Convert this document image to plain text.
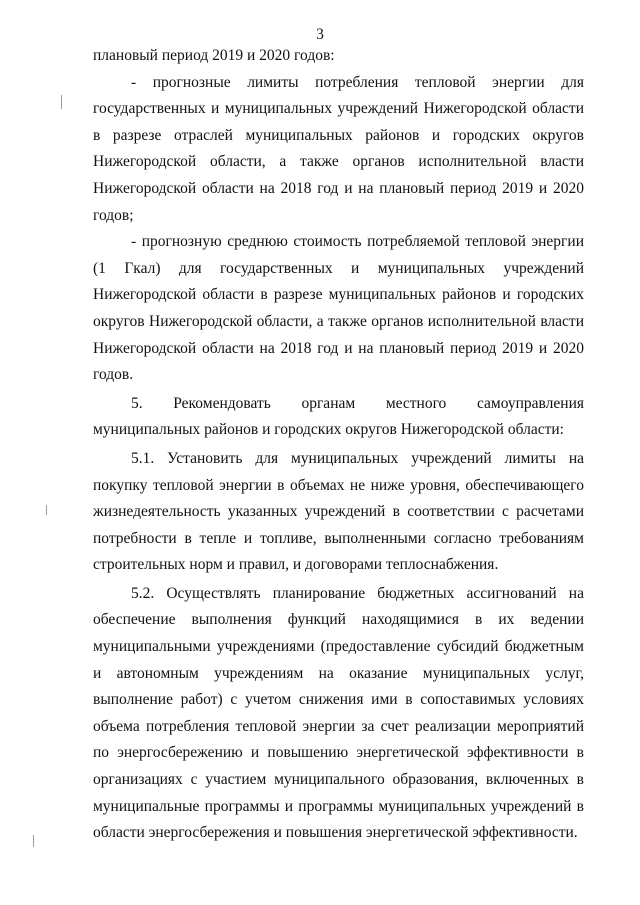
3

плановый период 2019 и 2020 годов:

- прогнозные лимиты потребления тепловой энергии для государственных и муниципальных учреждений Нижегородской области в разрезе отраслей муниципальных районов и городских округов Нижегородской области, а также органов исполнительной власти Нижегородской области на 2018 год и на плановый период 2019 и 2020 годов;

- прогнозную среднюю стоимость потребляемой тепловой энергии (1 Гкал) для государственных и муниципальных учреждений Нижегородской области в разрезе муниципальных районов и городских округов Нижегородской области, а также органов исполнительной власти Нижегородской области на 2018 год и на плановый период 2019 и 2020 годов.

5. Рекомендовать органам местного самоуправления муниципальных районов и городских округов Нижегородской области:

5.1. Установить для муниципальных учреждений лимиты на покупку тепловой энергии в объемах не ниже уровня, обеспечивающего жизнедеятельность указанных учреждений в соответствии с расчетами потребности в тепле и топливе, выполненными согласно требованиям строительных норм и правил, и договорами теплоснабжения.

5.2. Осуществлять планирование бюджетных ассигнований на обеспечение выполнения функций находящимися в их ведении муниципальными учреждениями (предоставление субсидий бюджетным и автономным учреждениям на оказание муниципальных услуг, выполнение работ) с учетом снижения ими в сопоставимых условиях объема потребления тепловой энергии за счет реализации мероприятий по энергосбережению и повышению энергетической эффективности в организациях с участием муниципального образования, включенных в муниципальные программы и программы муниципальных учреждений в области энергосбережения и повышения энергетической эффективности.
